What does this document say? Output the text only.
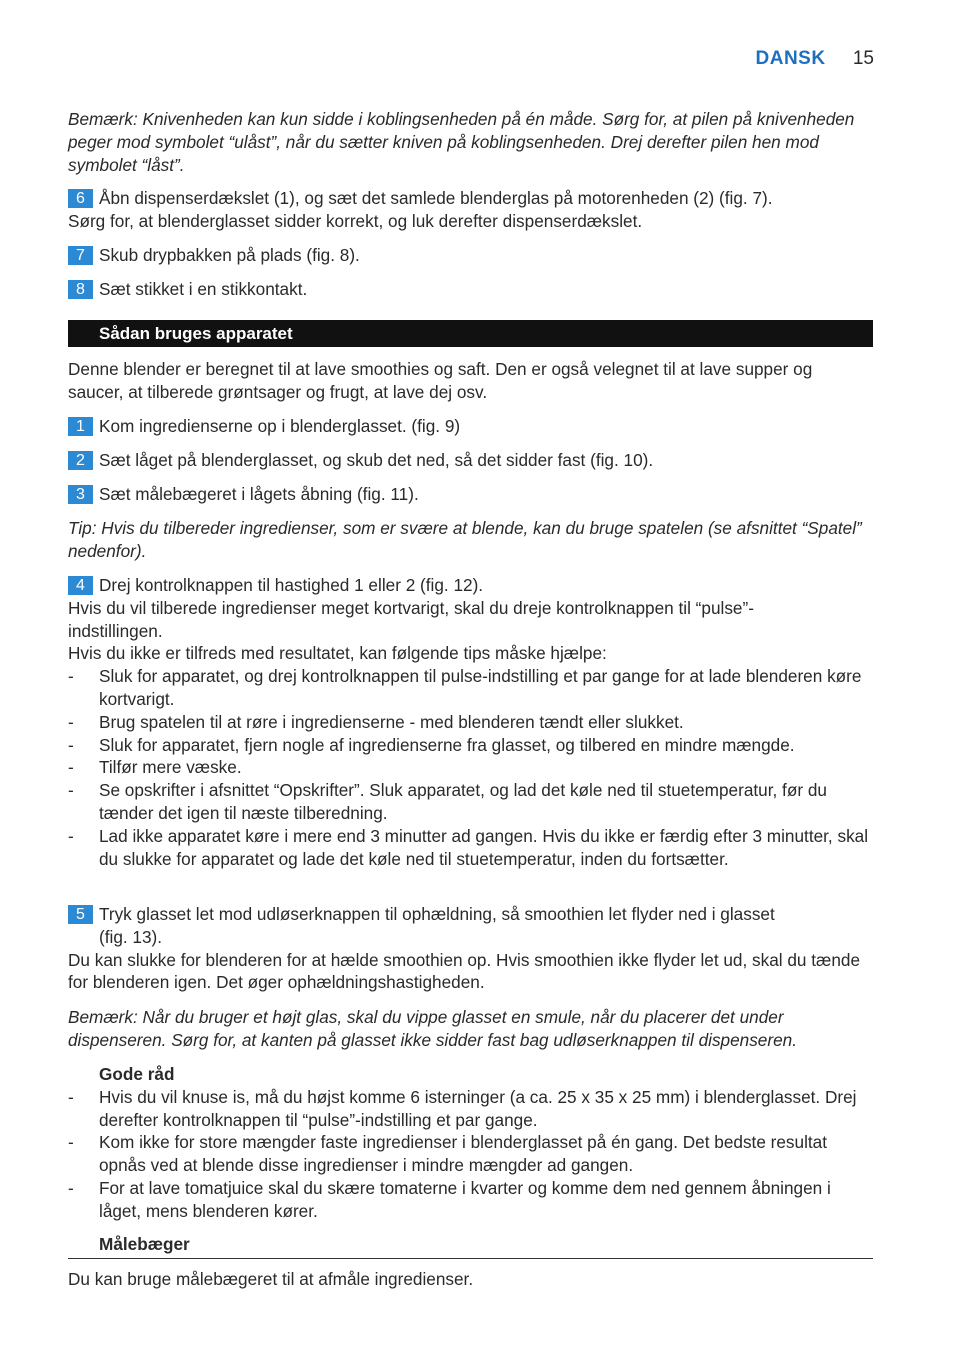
DANSK 15

Bemærk: Knivenheden kan kun sidde i koblingsenheden på én måde. Sørg for, at pilen på knivenheden peger mod symbolet “ulåst”, når du sætter kniven på koblingsenheden. Drej derefter pilen hen mod symbolet “låst”.

6 Åbn dispenserdækslet (1), og sæt det samlede blenderglas på motorenheden (2) (fig. 7).

Sørg for, at blenderglasset sidder korrekt, og luk derefter dispenserdækslet.

7 Skub drypbakken på plads (fig. 8).

8 Sæt stikket i en stikkontakt.

Sådan bruges apparatet

Denne blender er beregnet til at lave smoothies og saft. Den er også velegnet til at lave supper og saucer, at tilberede grøntsager og frugt, at lave dej osv.

1 Kom ingredienserne op i blenderglasset. (fig. 9)

2 Sæt låget på blenderglasset, og skub det ned, så det sidder fast (fig. 10).

3 Sæt målebægeret i lågets åbning (fig. 11).

Tip: Hvis du tilbereder ingredienser, som er svære at blende, kan du bruge spatelen (se afsnittet “Spatel” nedenfor).

4 Drej kontrolknappen til hastighed 1 eller 2 (fig. 12).

Hvis du vil tilberede ingredienser meget kortvarigt, skal du dreje kontrolknappen til “pulse”-indstillingen.

Hvis du ikke er tilfreds med resultatet, kan følgende tips måske hjælpe:

- Sluk for apparatet, og drej kontrolknappen til pulse-indstilling et par gange for at lade blenderen køre kortvarigt.

- Brug spatelen til at røre i ingredienserne - med blenderen tændt eller slukket.

- Sluk for apparatet, fjern nogle af ingredienserne fra glasset, og tilbered en mindre mængde.

- Tilfør mere væske.

- Se opskrifter i afsnittet “Opskrifter”. Sluk apparatet, og lad det køle ned til stuetemperatur, før du tænder det igen til næste tilberedning.

- Lad ikke apparatet køre i mere end 3 minutter ad gangen. Hvis du ikke er færdig efter 3 minutter, skal du slukke for apparatet og lade det køle ned til stuetemperatur, inden du fortsætter.

5 Tryk glasset let mod udløserknappen til ophældning, så smoothien let flyder ned i glasset (fig. 13).

Du kan slukke for blenderen for at hælde smoothien op. Hvis smoothien ikke flyder let ud, skal du tænde for blenderen igen. Det øger ophældningshastigheden.

Bemærk: Når du bruger et højt glas, skal du vippe glasset en smule, når du placerer det under dispenseren. Sørg for, at kanten på glasset ikke sidder fast bag udløserknappen til dispenseren.

Gode råd

- Hvis du vil knuse is, må du højst komme 6 isterninger (a ca. 25 x 35 x 25 mm) i blenderglasset. Drej derefter kontrolknappen til “pulse”-indstilling et par gange.

- Kom ikke for store mængder faste ingredienser i blenderglasset på én gang. Det bedste resultat opnås ved at blende disse ingredienser i mindre mængder ad gangen.

- For at lave tomatjuice skal du skære tomaterne i kvarter og komme dem ned gennem åbningen i låget, mens blenderen kører.

Målebæger

Du kan bruge målebægeret til at afmåle ingredienser.
